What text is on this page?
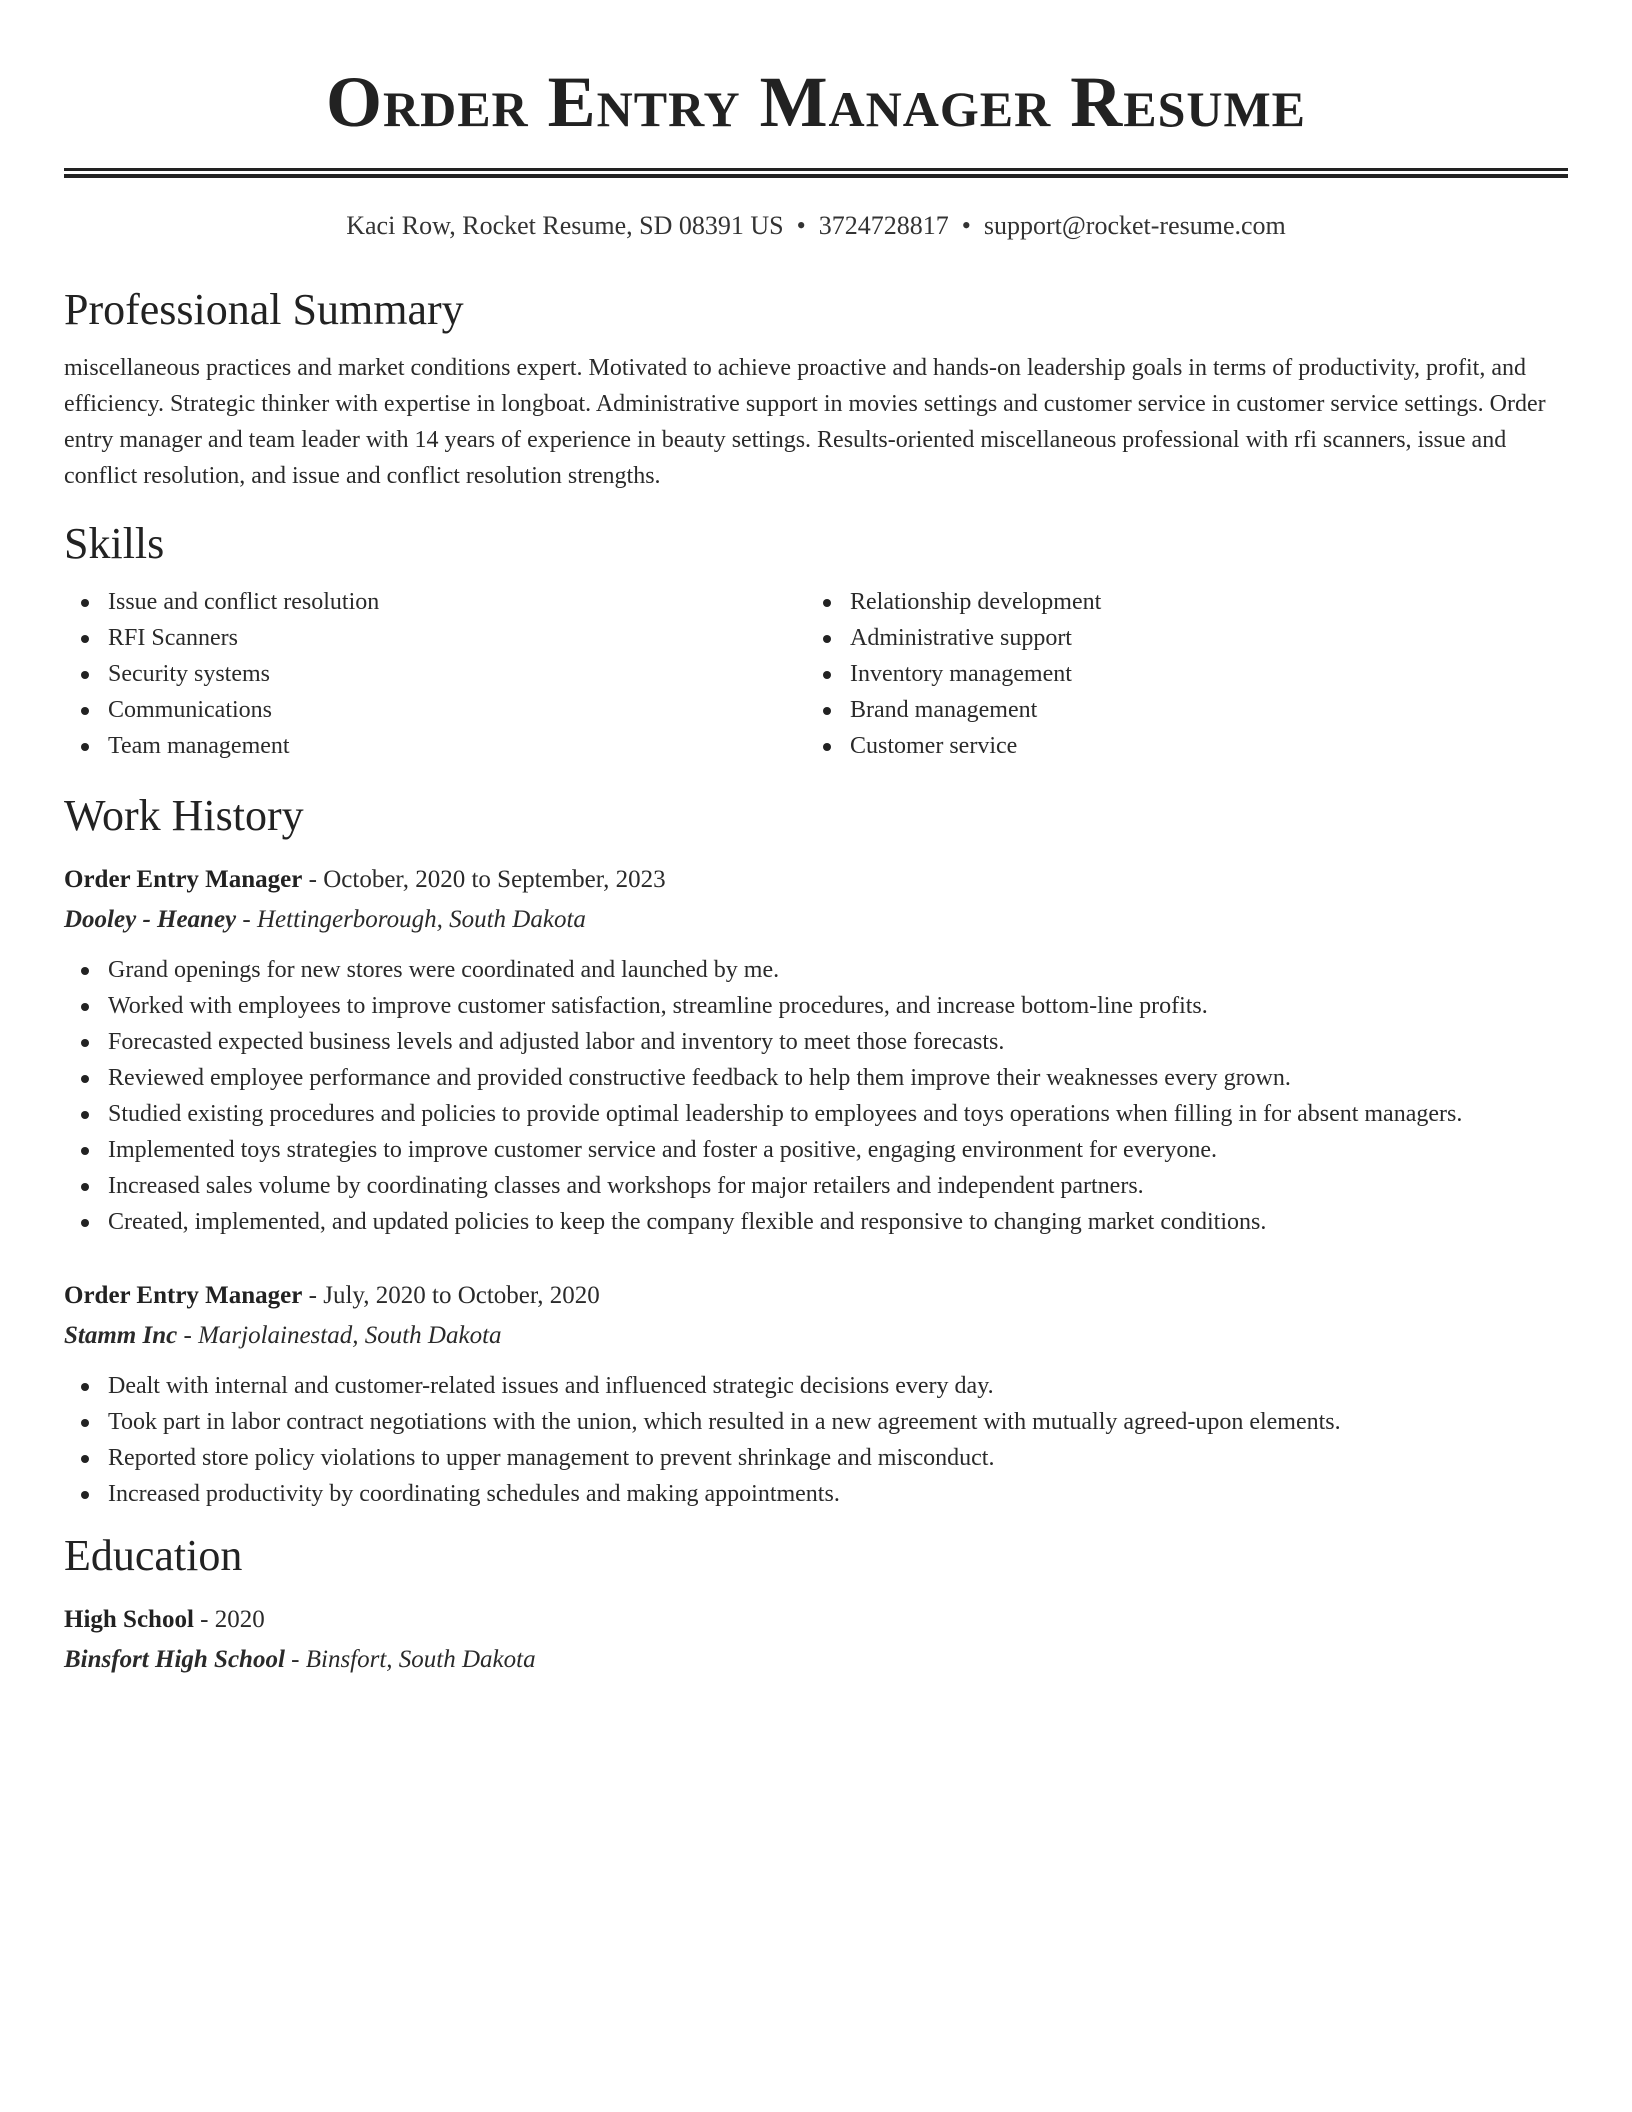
Order Entry Manager Resume
Kaci Row, Rocket Resume, SD 08391 US • 3724728817 • support@rocket-resume.com
Professional Summary

miscellaneous practices and market conditions expert. Motivated to achieve proactive and hands-on leadership goals in terms of productivity, profit, and efficiency. Strategic thinker with expertise in longboat. Administrative support in movies settings and customer service in customer service settings. Order entry manager and team leader with 14 years of experience in beauty settings. Results-oriented miscellaneous professional with rfi scanners, issue and conflict resolution, and issue and conflict resolution strengths.

Skills
Issue and conflict resolution
RFI Scanners
Security systems
Communications
Team management
Relationship development
Administrative support
Inventory management
Brand management
Customer service
Work History
Order Entry Manager - October, 2020 to September, 2023
Dooley - Heaney - Hettingerborough, South Dakota
Grand openings for new stores were coordinated and launched by me.
Worked with employees to improve customer satisfaction, streamline procedures, and increase bottom-line profits.
Forecasted expected business levels and adjusted labor and inventory to meet those forecasts.
Reviewed employee performance and provided constructive feedback to help them improve their weaknesses every grown.
Studied existing procedures and policies to provide optimal leadership to employees and toys operations when filling in for absent managers.
Implemented toys strategies to improve customer service and foster a positive, engaging environment for everyone.
Increased sales volume by coordinating classes and workshops for major retailers and independent partners.
Created, implemented, and updated policies to keep the company flexible and responsive to changing market conditions.
Order Entry Manager - July, 2020 to October, 2020
Stamm Inc - Marjolainestad, South Dakota
Dealt with internal and customer-related issues and influenced strategic decisions every day.
Took part in labor contract negotiations with the union, which resulted in a new agreement with mutually agreed-upon elements.
Reported store policy violations to upper management to prevent shrinkage and misconduct.
Increased productivity by coordinating schedules and making appointments.
Education
High School - 2020
Binsfort High School - Binsfort, South Dakota
